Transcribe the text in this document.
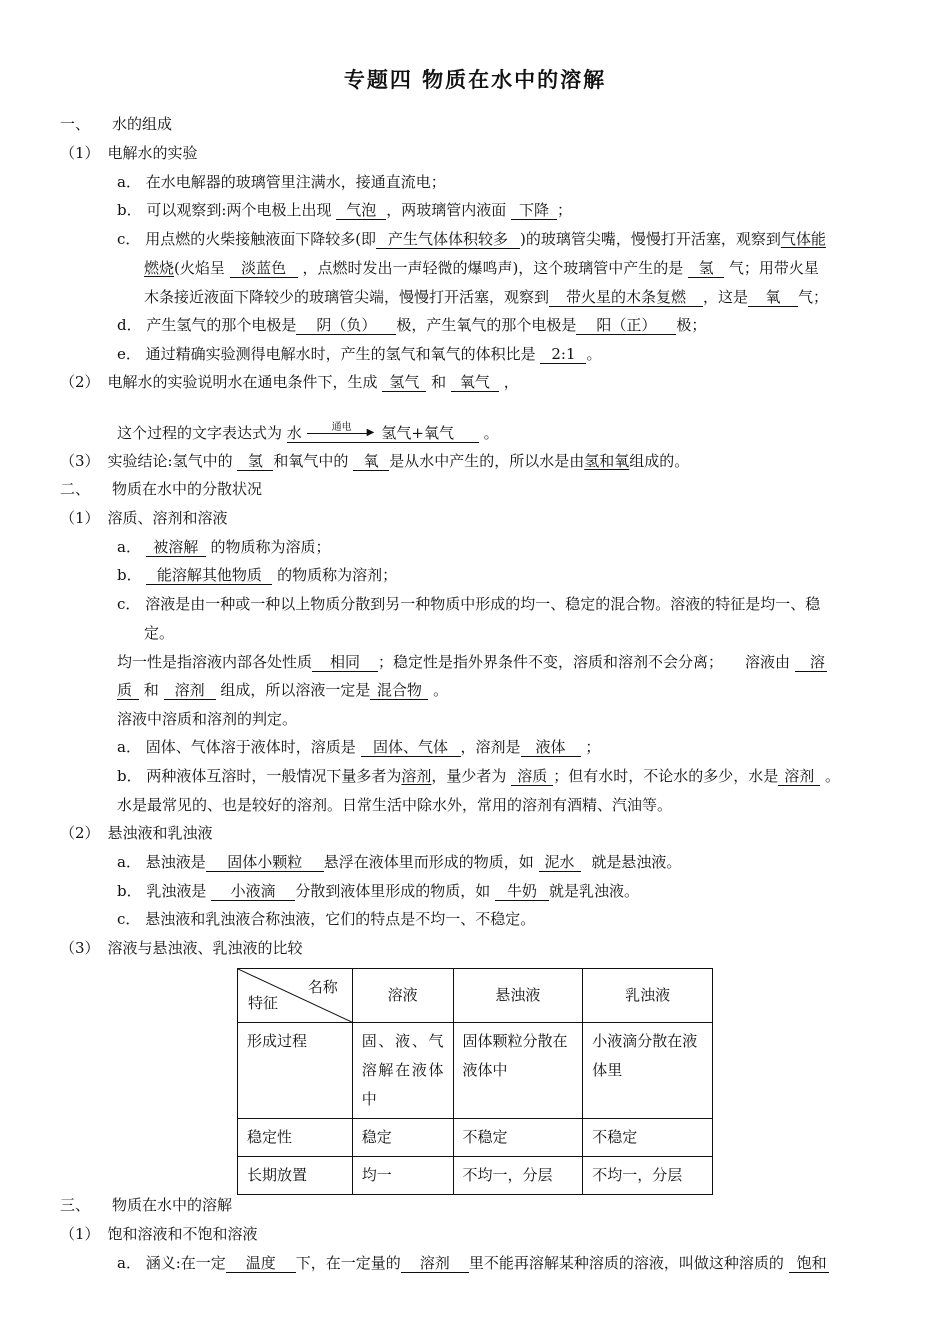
专题四 物质在水中的溶解
一、 水的组成
（1） 电解水的实验
a． 在水电解器的玻璃管里注满水，接通直流电；
b． 可以观察到:两个电极上出现 气泡 ，两玻璃管内液面 下降 ；
c． 用点燃的火柴接触液面下降较多(即 产生气体体积较多 )的玻璃管尖嘴，慢慢打开活塞，观察到气体能
燃烧(火焰呈 淡蓝色 ，点燃时发出一声轻微的爆鸣声)，这个玻璃管中产生的是 氢 气；用带火星
木条接近液面下降较少的玻璃管尖端，慢慢打开活塞，观察到 带火星的木条复燃 ，这是 氧 气；
d． 产生氢气的那个电极是 阴（负） 极，产生氧气的那个电极是 阳（正） 极；
e． 通过精确实验测得电解水时，产生的氢气和氧气的体积比是 2:1 。
（2） 电解水的实验说明水在通电条件下，生成 氢气 和 氧气 ，
这个过程的文字表达式为 水	通电	▶ 氢气+氧气 。
（3） 实验结论:氢气中的 氢 和氧气中的 氧 是从水中产生的，所以水是由氢和氧组成的。
二、 物质在水中的分散状况
（1） 溶质、溶剂和溶液
a． 被溶解 的物质称为溶质；
b． 能溶解其他物质 的物质称为溶剂；
c． 溶液是由一种或一种以上物质分散到另一种物质中形成的均一、稳定的混合物。溶液的特征是均一、稳
定。
均一性是指溶液内部各处性质 相同 ；稳定性是指外界条件不变，溶质和溶剂不会分离； 溶液由 溶
质 和 溶剂 组成，所以溶液一定是 混合物 。
溶液中溶质和溶剂的判定。
a． 固体、气体溶于液体时，溶质是 固体、气体 ，溶剂是 液体 ；
b． 两种液体互溶时，一般情况下量多者为溶剂，量少者为 溶质 ；但有水时，不论水的多少，水是 溶剂 。
水是最常见的、也是较好的溶剂。日常生活中除水外，常用的溶剂有酒精、汽油等。
（2） 悬浊液和乳浊液
a． 悬浊液是 固体小颗粒 悬浮在液体里而形成的物质，如 泥水 就是悬浊液。
b． 乳浊液是 小液滴 分散到液体里形成的物质，如 牛奶 就是乳浊液。
c． 悬浊液和乳浊液合称浊液，它们的特点是不均一、不稳定。
（3） 溶液与悬浊液、乳浊液的比较
名称
特征	溶液	悬浊液	乳浊液
形成过程	固、液、气溶解在液体中	固体颗粒分散在液体中	小液滴分散在液体里
稳定性	稳定	不稳定	不稳定
长期放置	均一	不均一，分层	不均一，分层
三、 物质在水中的溶解
（1） 饱和溶液和不饱和溶液
a． 涵义:在一定 温度 下，在一定量的 溶剂 里不能再溶解某种溶质的溶液，叫做这种溶质的 饱和
